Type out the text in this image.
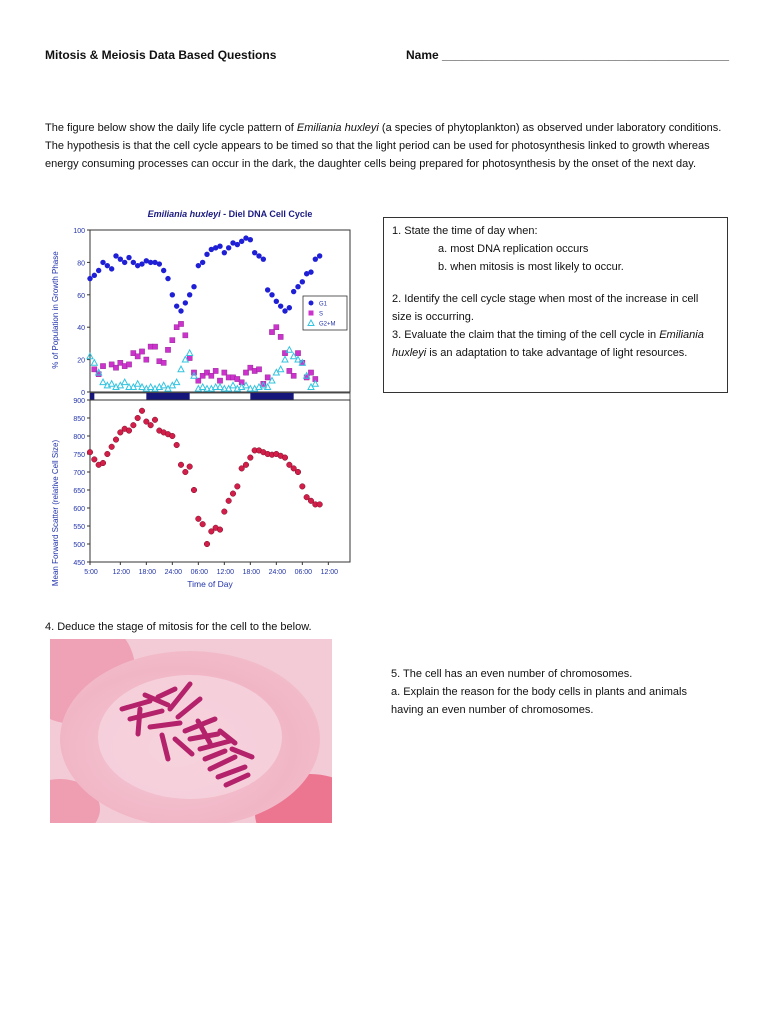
Mitosis & Meiosis Data Based Questions	Name ___________________________________________
The figure below show the daily life cycle pattern of Emiliania huxleyi (a species of phytoplankton) as observed under laboratory conditions. The hypothesis is that the cell cycle appears to be timed so that the light period can be used for photosynthesis linked to growth whereas energy consuming processes can occur in the dark, the daughter cells being prepared for photosynthesis by the onset of the next day.
Emiliania huxleyi - Diel DNA Cell Cycle
0
20
40
60
80
100
G1
S
G2+M
450
500
550
600
650
700
750
800
850
900
5:00 12:00 18:00 24:00 06:00 12:00 18:00 24:00 06:00 12:00
Mean Forward Scatter (relative Cell Size)
% of Population in Growth Phase
Time of Day
1. State the time of day when:
a. most DNA replication occurs
b. when mitosis is most likely to occur.
2. Identify the cell cycle stage when most of the increase in cell size is occurring.
3. Evaluate the claim that the timing of the cell cycle in Emiliania huxleyi is an adaptation to take advantage of light resources.
4. Deduce the stage of mitosis for the cell to the below.
5. The cell has an even number of chromosomes.
a. Explain the reason for the body cells in plants and animals having an even number of chromosomes.
